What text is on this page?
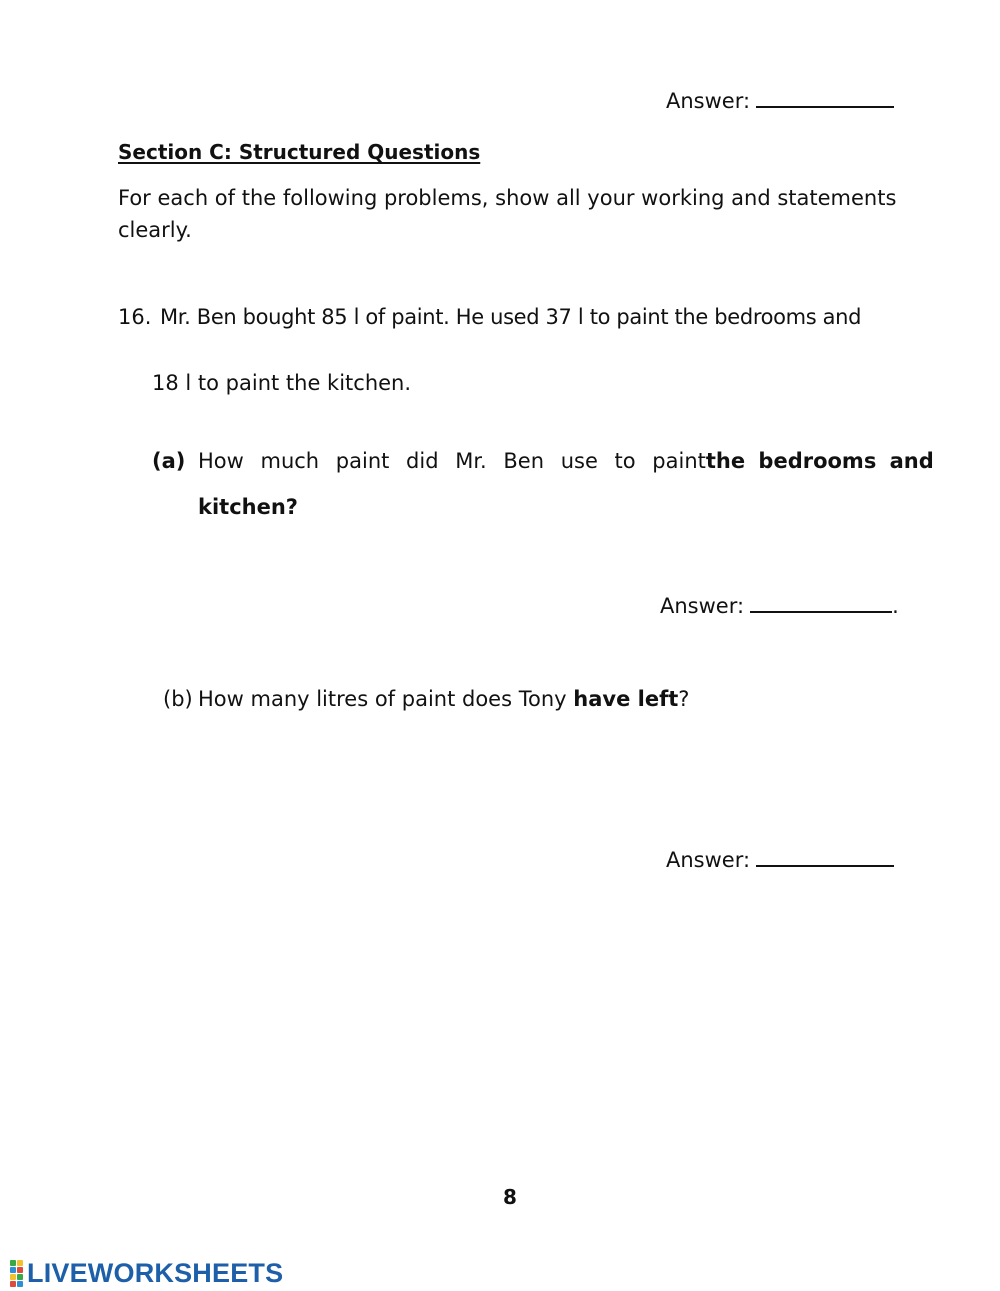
Answer:
Section C: Structured Questions
For each of the following problems, show all your working and statements
clearly.
16. Mr. Ben bought 85 l of paint. He used 37 l to paint the bedrooms and
18 l to paint the kitchen.
(a) How much paint did Mr. Ben use to paint the bedrooms and
kitchen?
Answer:	.
(b) How many litres of paint does Tony have left?
Answer:
8
LIVEWORKSHEETS
